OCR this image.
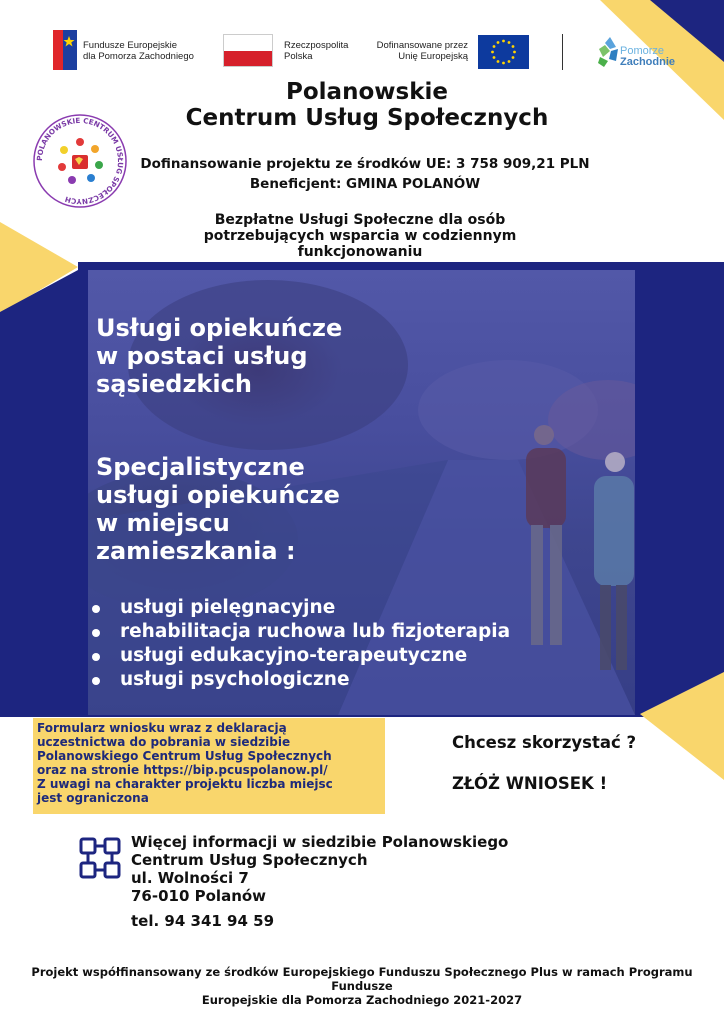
Fundusze Europejskie
dla Pomorza Zachodniego
Rzeczpospolita
Polska
Dofinansowane przez
Unię Europejską	Pomorze
Zachodnie
Polanowskie
Centrum Usług Społecznych
POLANOWSKIE CENTRUM USŁUG SPOŁECZNYCH
Dofinansowanie projektu ze środków UE: 3 758 909,21 PLN
Beneficjent: GMINA POLANÓW
Bezpłatne Usługi Społeczne dla osób
potrzebujących wsparcia w codziennym
funkcjonowaniu
Usługi opiekuńcze
w postaci usług
sąsiedzkich
Specjalistyczne
usługi opiekuńcze
w miejscu
zamieszkania :
usługi pielęgnacyjne
rehabilitacja ruchowa lub fizjoterapia
usługi edukacyjno-terapeutyczne
usługi psychologiczne
Formularz wniosku wraz z deklaracją
uczestnictwa do pobrania w siedzibie
Polanowskiego Centrum Usług Społecznych
oraz na stronie https://bip.pcuspolanow.pl/
Z uwagi na charakter projektu liczba miejsc
jest ograniczona
Chcesz skorzystać ?
ZŁÓŻ WNIOSEK !
Więcej informacji w siedzibie Polanowskiego
Centrum Usług Społecznych
ul. Wolności 7
76-010 Polanów
tel. 94 341 94 59
Projekt współfinansowany ze środków Europejskiego Funduszu Społecznego Plus w ramach Programu Fundusze
Europejskie dla Pomorza Zachodniego 2021-2027
